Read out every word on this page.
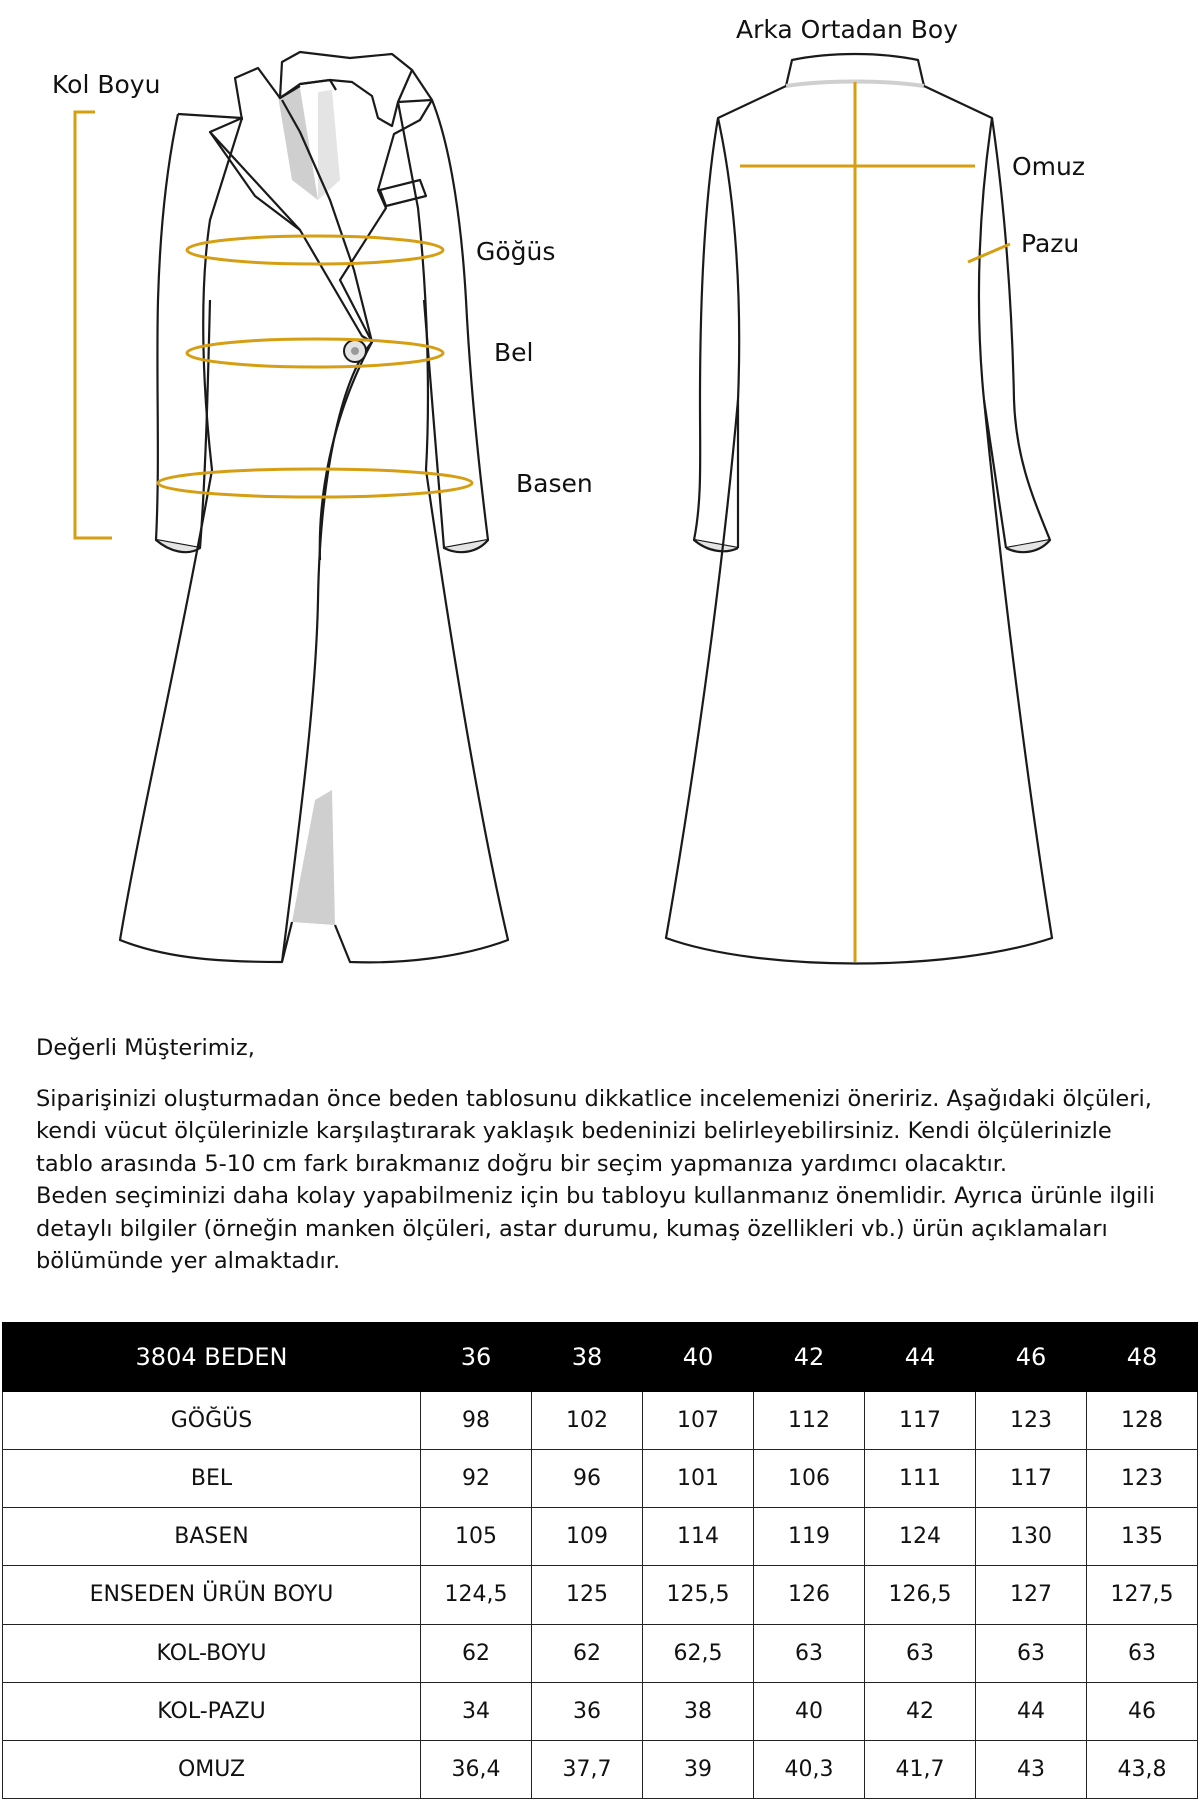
Kol Boyu
Göğüs
Bel
Basen
Arka Ortadan Boy
Omuz
Pazu

Değerli Müşterimiz,

Siparişinizi oluşturmadan önce beden tablosunu dikkatlice incelemenizi öneririz. Aşağıdaki ölçüleri, kendi vücut ölçülerinizle karşılaştırarak yaklaşık bedeninizi belirleyebilirsiniz. Kendi ölçülerinizle tablo arasında 5-10 cm fark bırakmanız doğru bir seçim yapmanıza yardımcı olacaktır.

Beden seçiminizi daha kolay yapabilmeniz için bu tabloyu kullanmanız önemlidir. Ayrıca ürünle ilgili detaylı bilgiler (örneğin manken ölçüleri, astar durumu, kumaş özellikleri vb.) ürün açıklamaları bölümünde yer almaktadır.

3804 BEDEN	36	38	40	42	44	46	48
GÖĞÜS	98	102	107	112	117	123	128
BEL	92	96	101	106	111	117	123
BASEN	105	109	114	119	124	130	135
ENSEDEN ÜRÜN BOYU	124,5	125	125,5	126	126,5	127	127,5
KOL-BOYU	62	62	62,5	63	63	63	63
KOL-PAZU	34	36	38	40	42	44	46
OMUZ	36,4	37,7	39	40,3	41,7	43	43,8
